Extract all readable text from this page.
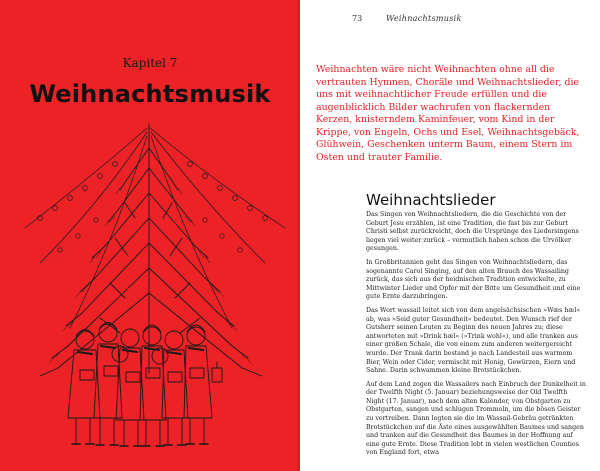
Kapitel 7
Weihnachtsmusik
73	Weihnachtsmusik
Weihnachten wäre nicht Weihnachten ohne all die vertrauten Hymnen, Choräle und Weihnachtslieder, die uns mit weihnachtlicher Freude erfüllen und die augenblicklich Bilder wachrufen von flackernden Kerzen, knisterndem Kaminfeuer, vom Kind in der Krippe, von Engeln, Ochs und Esel, Weihnachtsgebäck, Glühwein, Geschenken unterm Baum, einem Stern im Osten und trauter Familie.
Weihnachtslieder

Das Singen von Weihnachtsliedern, die die Geschichte von der Geburt Jesu erzählen, ist eine Tradition, die fast bis zur Geburt Christi selbst zurückreicht, doch die Ursprünge des Liedersingens liegen viel weiter zurück – vermutlich haben schon die Urvölker gesungen.

In Großbritannien geht das Singen von Weihnachtsliedern, das sogenannte Carol Singing, auf den alten Brauch des Wassailing zurück, das sich aus der heidnischen Tradition entwickelte, zu Mittwinter Lieder und Opfer mit der Bitte um Gesundheit und eine gute Ernte darzubringen.

Das Wort wassail leitet sich von dem angelsächsischen »Wæs hæl« ab, was »Seid guter Gesundheit« bedeutet. Den Wunsch rief der Gutsherr seinen Leuten zu Beginn des neuen Jahres zu; diese antworteten mit »Drink hæl« (»Trink wohl«), und alle tranken aus einer großen Schale, die von einem zum anderen weitergereicht wurde. Der Trank darin bestand je nach Landesteil aus warmem Bier, Wein oder Cider, vermischt mit Honig, Gewürzen, Eiern und Sahne. Darin schwammen kleine Brotstückchen.

Auf dem Land zogen die Wassailers nach Einbruch der Dunkelheit in der Twelfth Night (5. Januar) beziehungsweise der Old Twelfth Night (17. Januar), nach dem alten Kalender, von Obstgarten zu Obstgarten, sangen und schlugen Trommeln, um die bösen Geister zu vertreiben. Dann legten sie die im Wassail-Gebräu getränkten Brotstückchen auf die Äste eines ausgewählten Baumes und sangen und tranken auf die Gesundheit des Baumes in der Hoffnung auf eine gute Ernte. Diese Tradition lebt in vielen westlichen Counties von England fort, etwa
